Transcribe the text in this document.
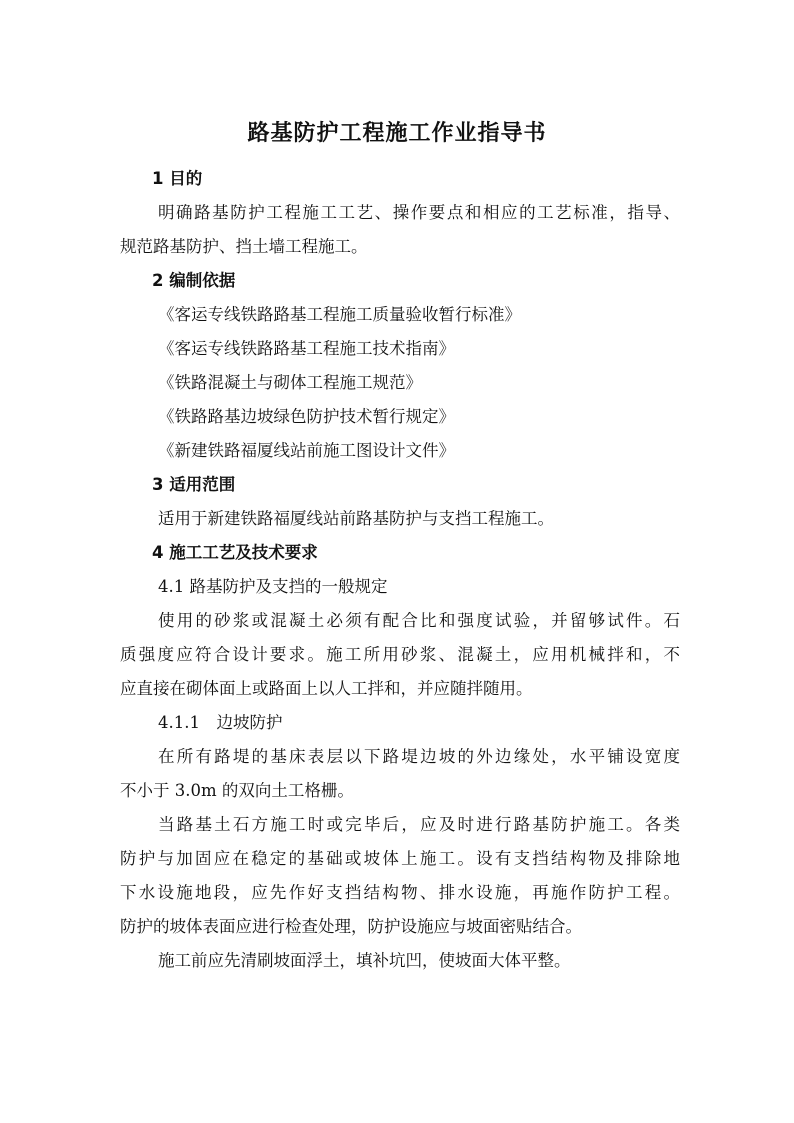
路基防护工程施工作业指导书
1 目的
明确路基防护工程施工工艺、操作要点和相应的工艺标准，指导、
规范路基防护、挡土墙工程施工。
2 编制依据
《客运专线铁路路基工程施工质量验收暂行标准》
《客运专线铁路路基工程施工技术指南》
《铁路混凝土与砌体工程施工规范》
《铁路路基边坡绿色防护技术暂行规定》
《新建铁路福厦线站前施工图设计文件》
3 适用范围
适用于新建铁路福厦线站前路基防护与支挡工程施工。
4 施工工艺及技术要求
4.1 路基防护及支挡的一般规定
使用的砂浆或混凝土必须有配合比和强度试验，并留够试件。石
质强度应符合设计要求。施工所用砂浆、混凝土，应用机械拌和，不
应直接在砌体面上或路面上以人工拌和，并应随拌随用。
4.1.1　边坡防护
在所有路堤的基床表层以下路堤边坡的外边缘处，水平铺设宽度
不小于 3.0m 的双向土工格栅。
当路基土石方施工时或完毕后，应及时进行路基防护施工。各类
防护与加固应在稳定的基础或坡体上施工。设有支挡结构物及排除地
下水设施地段，应先作好支挡结构物、排水设施，再施作防护工程。
防护的坡体表面应进行检查处理，防护设施应与坡面密贴结合。
施工前应先清刷坡面浮土，填补坑凹，使坡面大体平整。
